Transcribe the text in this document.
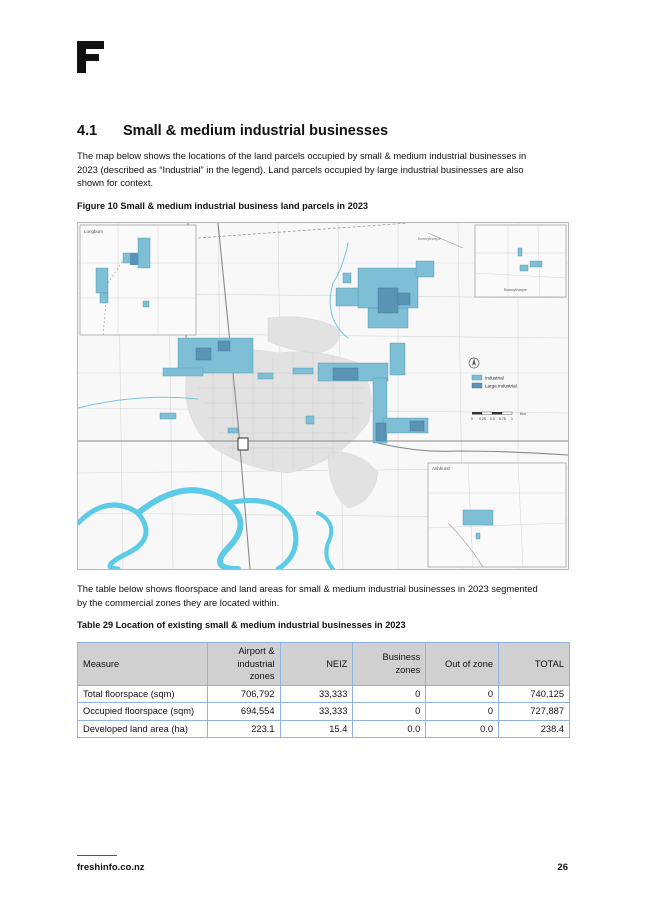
4.1 Small & medium industrial businesses

The map below shows the locations of the land parcels occupied by small & medium industrial businesses in
2023 (described as “Industrial” in the legend). Land parcels occupied by large industrial businesses are also
shown for context.

Figure 10 Small & medium industrial business land parcels in 2023
Longburn
Bunnythorpe
Ashhurst
Bunnythorpe
Industrial
Large Industrial
Km
0 0.25 0.5 0.75 1

The table below shows floorspace and land areas for small & medium industrial businesses in 2023 segmented
by the commercial zones they are located within.

Table 29 Location of existing small & medium industrial businesses in 2023
Measure	Airport &
industrial
zones	NEIZ	Business
zones	Out of zone	TOTAL
Total floorspace (sqm)	706,792	33,333	0	0	740,125
Occupied floorspace (sqm)	694,554	33,333	0	0	727,887
Developed land area (ha)	223.1	15.4	0.0	0.0	238.4
freshinfo.co.nz	26
